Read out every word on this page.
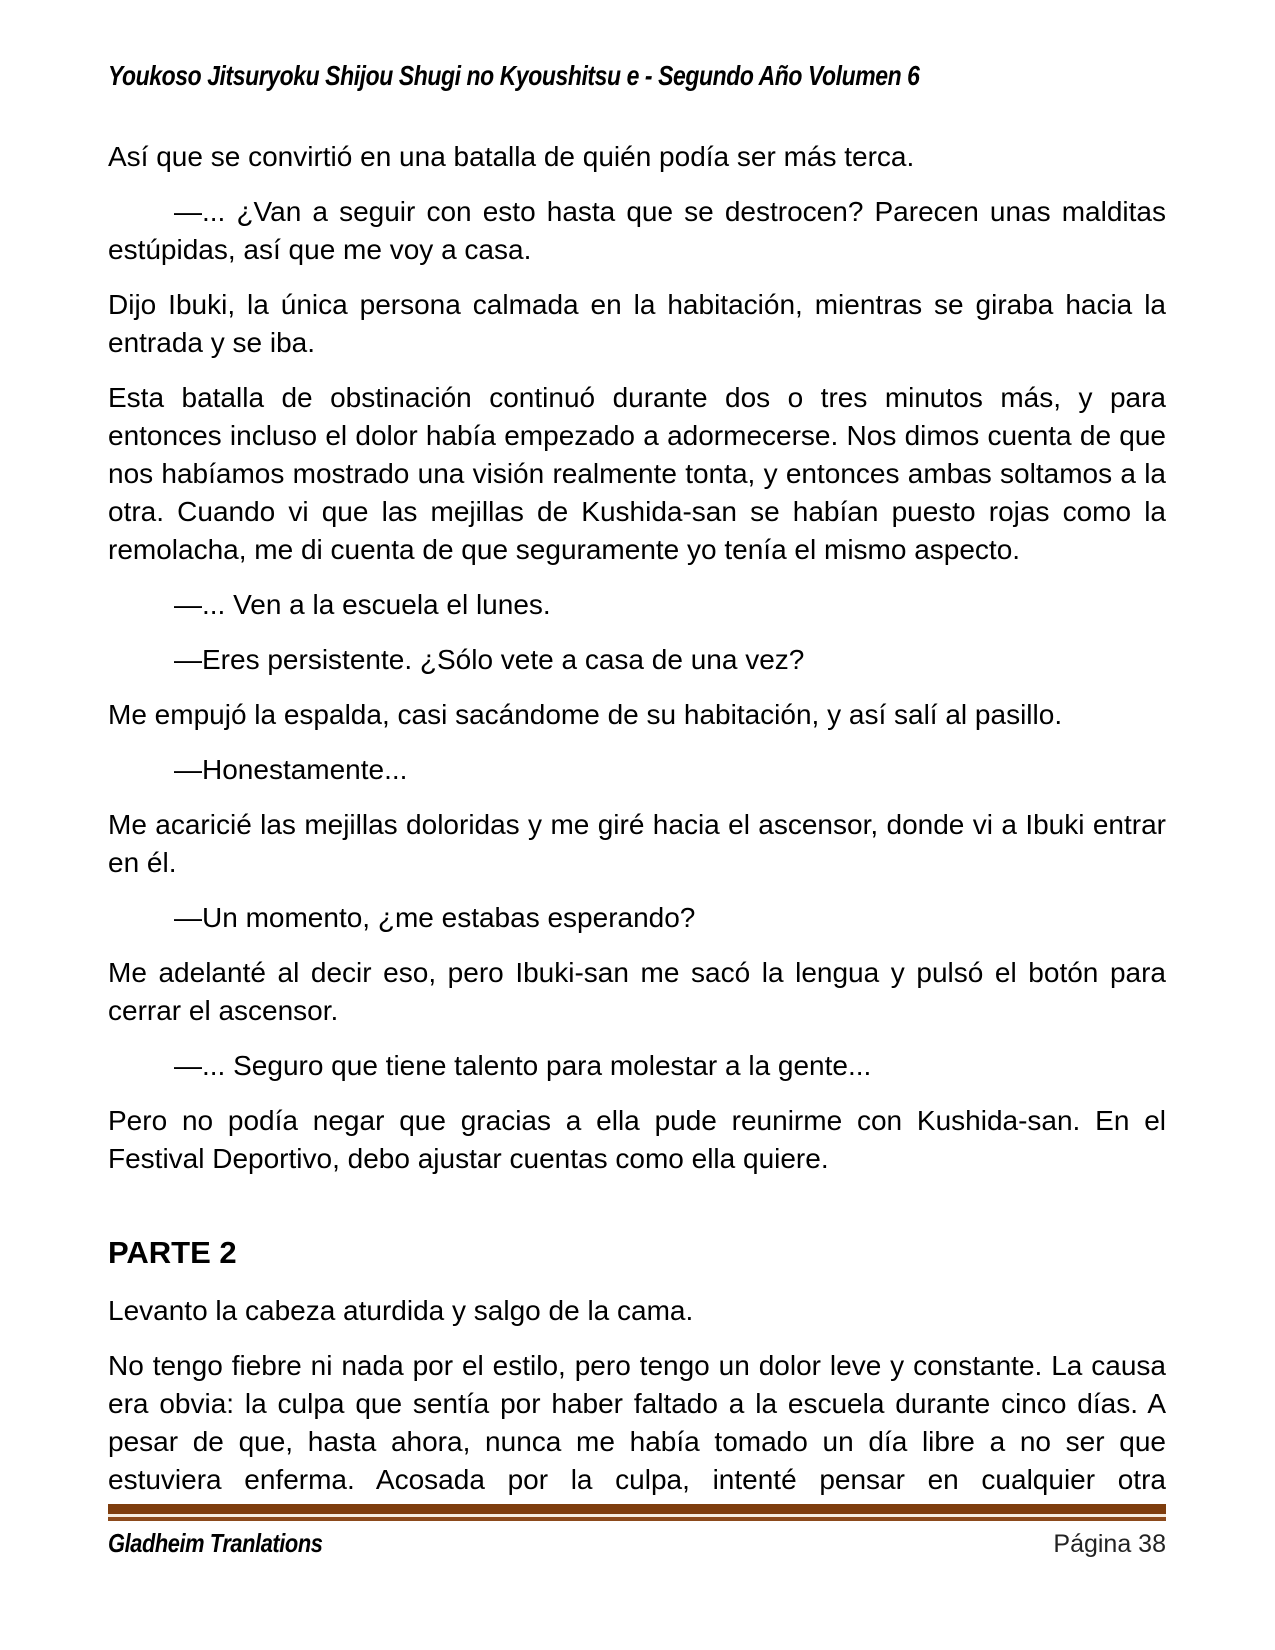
Youkoso Jitsuryoku Shijou Shugi no Kyoushitsu e - Segundo Año Volumen 6

Así que se convirtió en una batalla de quién podía ser más terca.

—... ¿Van a seguir con esto hasta que se destrocen? Parecen unas malditas estúpidas, así que me voy a casa.

Dijo Ibuki, la única persona calmada en la habitación, mientras se giraba hacia la entrada y se iba.

Esta batalla de obstinación continuó durante dos o tres minutos más, y para entonces incluso el dolor había empezado a adormecerse. Nos dimos cuenta de que nos habíamos mostrado una visión realmente tonta, y entonces ambas soltamos a la otra. Cuando vi que las mejillas de Kushida-san se habían puesto rojas como la remolacha, me di cuenta de que seguramente yo tenía el mismo aspecto.

—... Ven a la escuela el lunes.

—Eres persistente. ¿Sólo vete a casa de una vez?

Me empujó la espalda, casi sacándome de su habitación, y así salí al pasillo.

—Honestamente...

Me acaricié las mejillas doloridas y me giré hacia el ascensor, donde vi a Ibuki entrar en él.

—Un momento, ¿me estabas esperando?

Me adelanté al decir eso, pero Ibuki-san me sacó la lengua y pulsó el botón para cerrar el ascensor.

—... Seguro que tiene talento para molestar a la gente...

Pero no podía negar que gracias a ella pude reunirme con Kushida-san. En el Festival Deportivo, debo ajustar cuentas como ella quiere.

PARTE 2

Levanto la cabeza aturdida y salgo de la cama.

No tengo fiebre ni nada por el estilo, pero tengo un dolor leve y constante. La causa era obvia: la culpa que sentía por haber faltado a la escuela durante cinco días. A pesar de que, hasta ahora, nunca me había tomado un día libre a no ser que estuviera enferma. Acosada por la culpa, intenté pensar en cualquier otra

Gladheim Tranlations	Página 38
